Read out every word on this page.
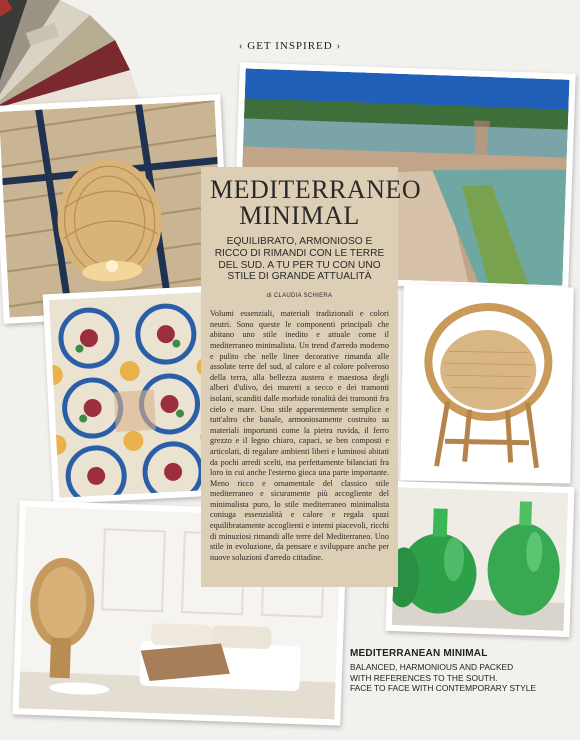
‹ GET INSPIRED ›
MEDITERRANEO MINIMAL
EQUILIBRATO, ARMONIOSO E RICCO DI RIMANDI CON LE TERRE DEL SUD. A TU PER TU CON UNO STILE DI GRANDE ATTUALITÀ
di CLAUDIA SCHIERA
Volumi essenziali, materiali tradizionali e colori neutri. Sono queste le componenti principali che abitano uno stile inedito e attuale come il mediterraneo minimalista. Un trend d'arredo moderno e pulito che nelle linee decorative rimanda alle assolate terre del sud, al calore e al colore polveroso della terra, alla bellezza austera e maestosa degli alberi d'ulivo, dei muretti a secco e dei tramonti isolani, scanditi dalle morbide tonalità dei tramonti fra cielo e mare. Uno stile apparentemente semplice e tutt'altro che banale, armoniosamente costruito su materiali importanti come la pietra ruvida, il ferro grezzo e il legno chiaro, capaci, se ben composti e articolati, di regalare ambienti liberi e luminosi abitati da pochi arredi scelti, ma perfettamente bilanciati fra loro in cui anche l'esterno gioca una parte importante. Meno ricco e ornamentale del classico stile mediterraneo e sicuramente più accogliente del minimalista puro, lo stile mediterraneo minimalista coniuga essenzialità e calore e regala spazi equilibratamente accoglienti e interni piacevoli, ricchi di minuziosi rimandi alle terre del Mediterraneo. Uno stile in evoluzione, da pensare e sviluppare anche per nuove soluzioni d'arredo cittadine.
MEDITERRANEAN MINIMAL
BALANCED, HARMONIOUS AND PACKED
WITH REFERENCES TO THE SOUTH.
FACE TO FACE WITH CONTEMPORARY STYLE
